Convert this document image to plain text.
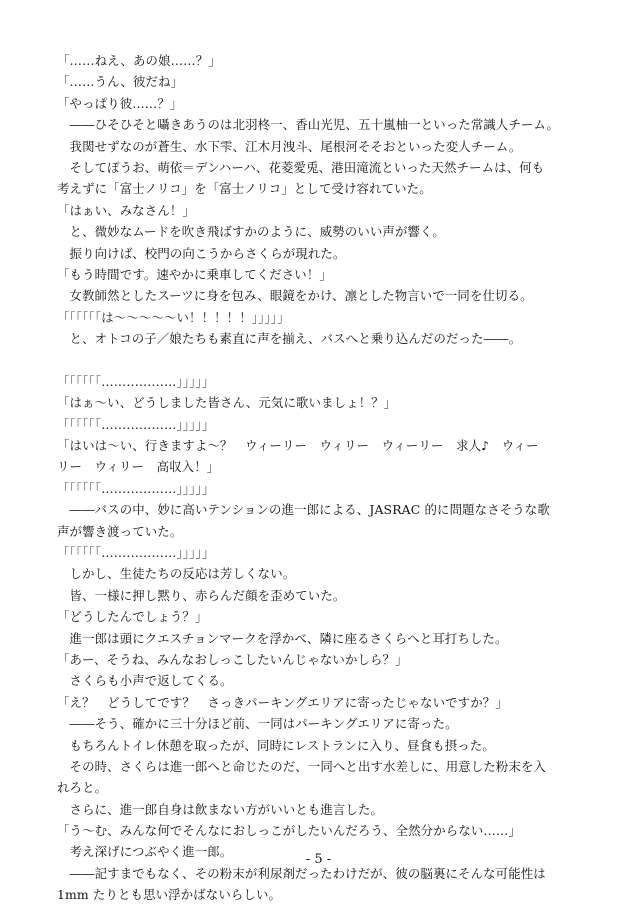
「……ねえ、あの娘……？」
「……うん、彼だね」
「やっぱり彼……？」
　――ひそひそと囁きあうのは北羽柊一、香山光児、五十嵐柚一といった常識人チーム。
　我関せずなのが蒼生、水下雫、江木月洩斗、尾根河そそおといった変人チーム。
　そしてぽうお、萌依＝デンハーハ、花菱愛兎、港田滝流といった天然チームは、何も
考えずに「富士ノリコ」を「富士ノリコ」として受け容れていた。
「はぁい、みなさん！」
　と、微妙なムードを吹き飛ばすかのように、威勢のいい声が響く。
　振り向けば、校門の向こうからさくらが現れた。
「もう時間です。速やかに乗車してください！」
　女教師然としたスーツに身を包み、眼鏡をかけ、凛とした物言いで一同を仕切る。
「「「「「「は～～～～～い！！！！！」」」」」
　と、オトコの子／娘たちも素直に声を揃え、バスへと乗り込んだのだった――。
「「「「「「………………」」」」」
「はぁ～い、どうしました皆さん、元気に歌いましょ！？」
「「「「「「………………」」」」」
「はいは～い、行きますよ～？　ウィーリー　ウィリー　ウィーリー　求人♪　ウィー
リー　ウィリー　高収入！」
「「「「「「………………」」」」」
　――バスの中、妙に高いテンションの進一郎による、JASRAC 的に問題なさそうな歌
声が響き渡っていた。
「「「「「「………………」」」」」
　しかし、生徒たちの反応は芳しくない。
　皆、一様に押し黙り、赤らんだ顔を歪めていた。
「どうしたんでしょう？」
　進一郎は頭にクエスチョンマークを浮かべ、隣に座るさくらへと耳打ちした。
「あー、そうね、みんなおしっこしたいんじゃないかしら？」
　さくらも小声で返してくる。
「え？　どうしてです？　さっきパーキングエリアに寄ったじゃないですか？」
　――そう、確かに三十分ほど前、一同はパーキングエリアに寄った。
　もちろんトイレ休憩を取ったが、同時にレストランに入り、昼食も摂った。
　その時、さくらは進一郎へと命じたのだ、一同へと出す水差しに、用意した粉末を入
れろと。
　さらに、進一郎自身は飲まない方がいいとも進言した。
「う～む、みんな何でそんなにおしっこがしたいんだろう、全然分からない……」
　考え深げにつぶやく進一郎。
　――記すまでもなく、その粉末が利尿剤だったわけだが、彼の脳裏にそんな可能性は
1mm たりとも思い浮かばないらしい。
- 5 -
